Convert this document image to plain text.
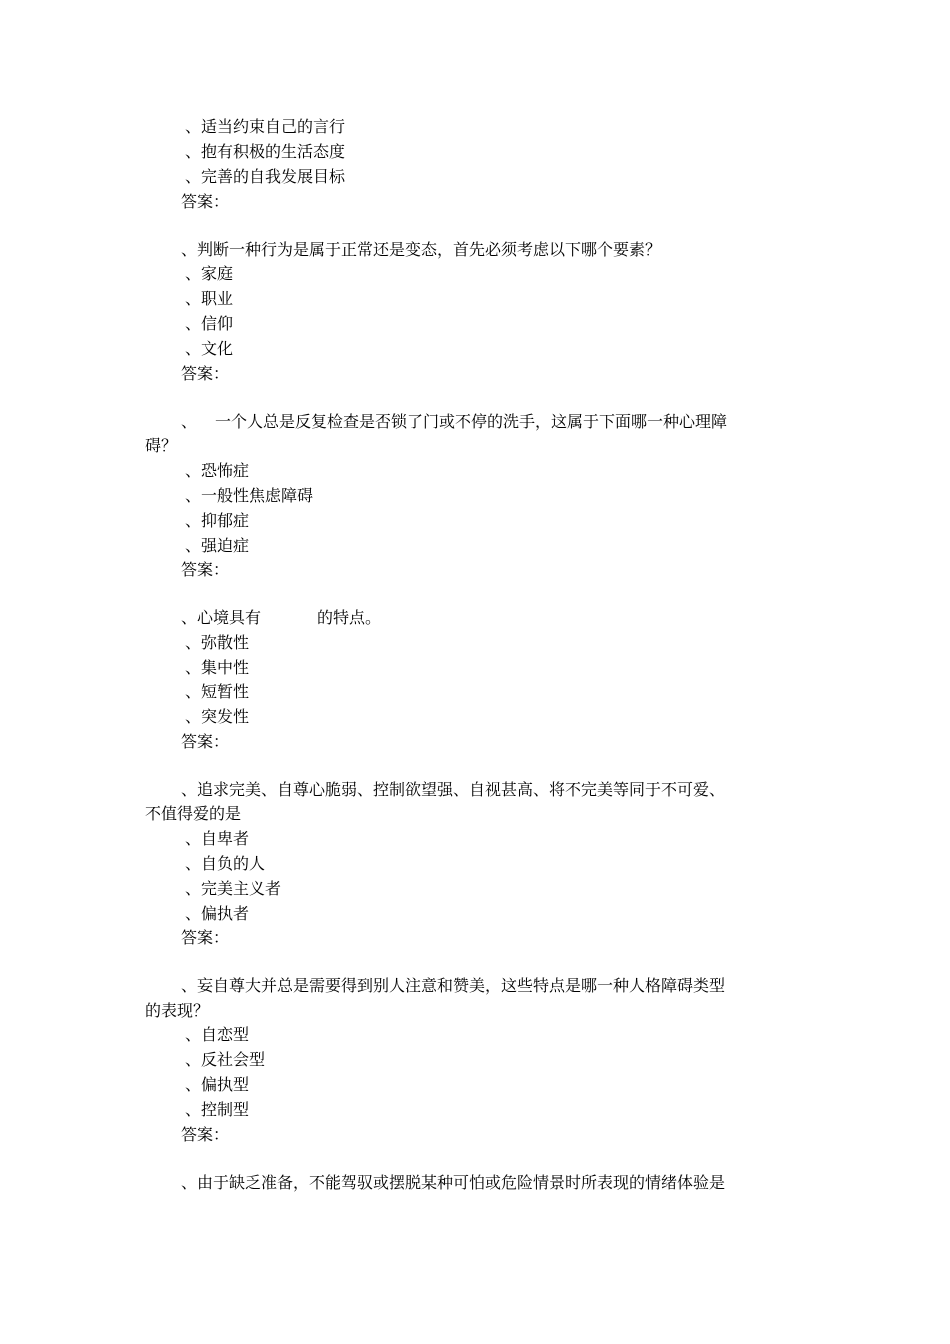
、适当约束自己的言行
、抱有积极的生活态度
、完善的自我发展目标
答案：
、判断一种行为是属于正常还是变态，首先必须考虑以下哪个要素？
、家庭
、职业
、信仰
、文化
答案：
、 一个人总是反复检查是否锁了门或不停的洗手，这属于下面哪一种心理障
碍？
、恐怖症
、一般性焦虑障碍
、抑郁症
、强迫症
答案：
、心境具有	的特点。
、弥散性
、集中性
、短暂性
、突发性
答案：
、追求完美、自尊心脆弱、控制欲望强、自视甚高、将不完美等同于不可爱、
不值得爱的是
、自卑者
、自负的人
、完美主义者
、偏执者
答案：
、妄自尊大并总是需要得到别人注意和赞美，这些特点是哪一种人格障碍类型
的表现？
、自恋型
、反社会型
、偏执型
、控制型
答案：
、由于缺乏准备，不能驾驭或摆脱某种可怕或危险情景时所表现的情绪体验是
